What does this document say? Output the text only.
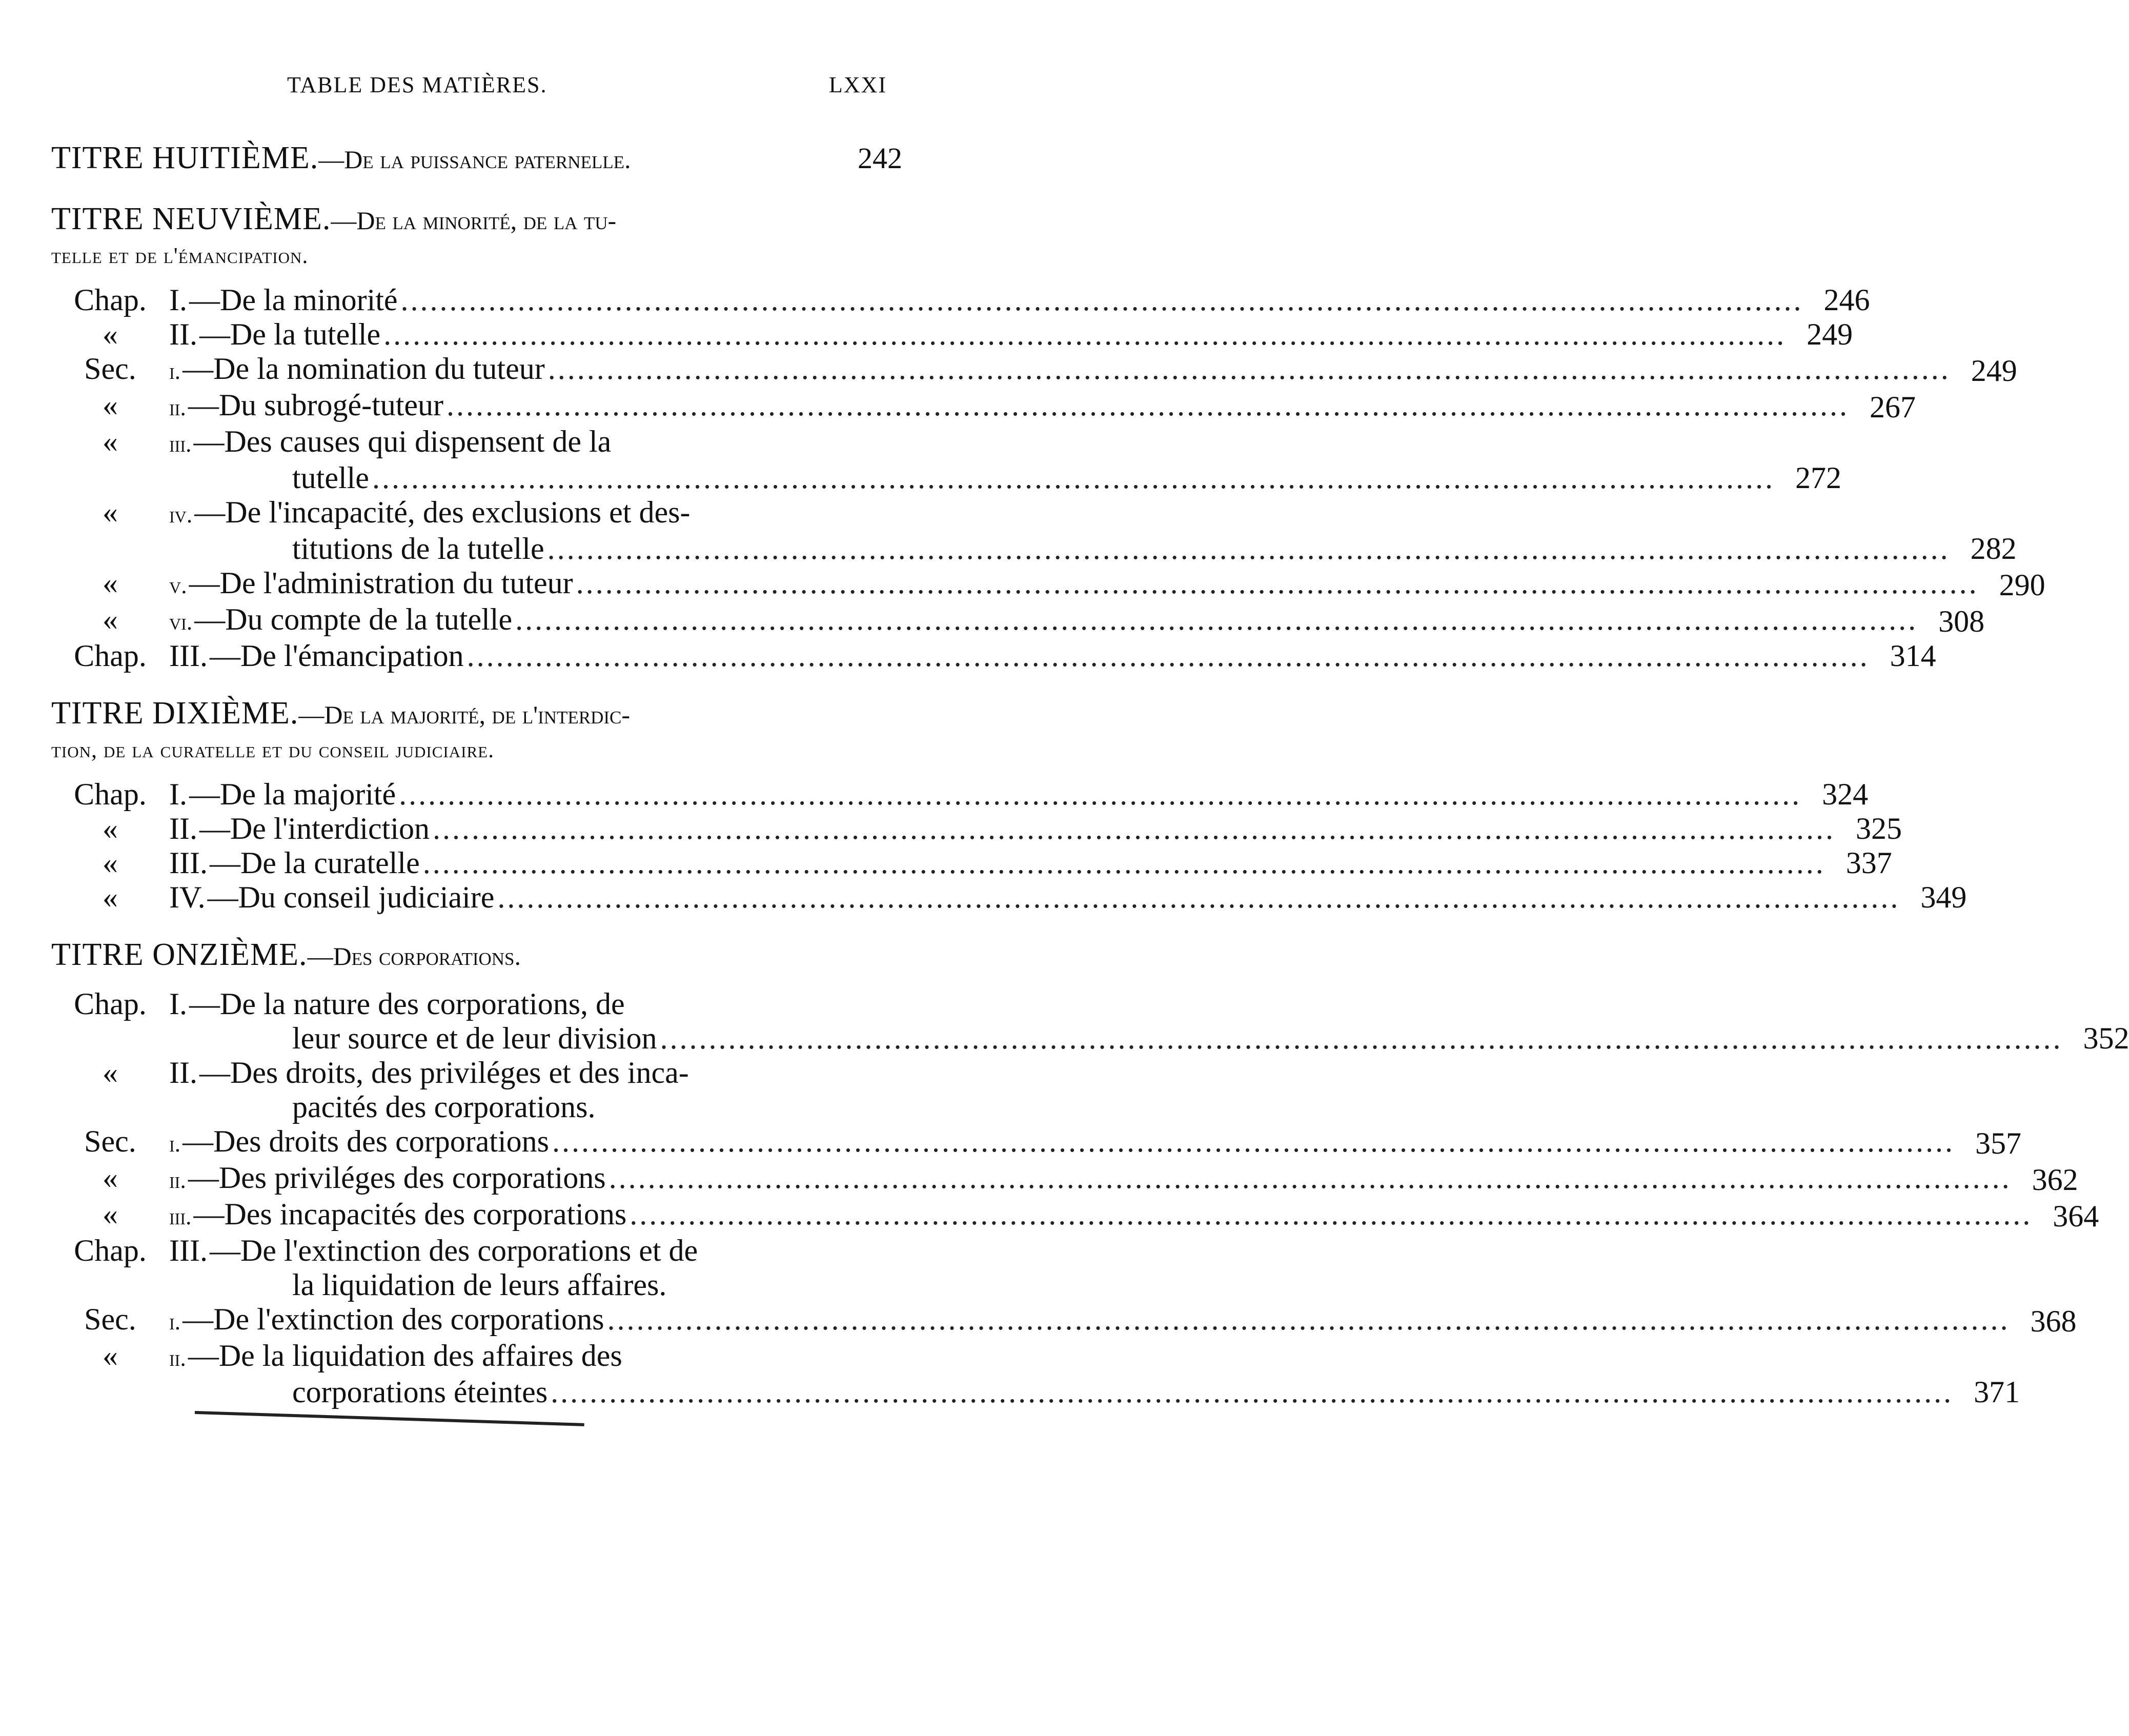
TABLE DES MATIÈRES.	LXXI
TITRE HUITIÈME.—De la puissance paternelle.	242
TITRE NEUVIÈME.—De la minorité, de la tu-
telle et de l'émancipation.
Chap. I. —De la minorité .....	246
«	II. —De la tutelle .....	249
Sec.	i. —De la nomination du tuteur .....	249
«	ii. —Du subrogé-tuteur .....	267
«	iii. —Des causes qui dispensent de la
tutelle .....	272
«	iv. —De l'incapacité, des exclusions et des-
titutions de la tutelle .....	282
«	v. —De l'administration du tuteur .....	290
«	vi. —Du compte de la tutelle .....	308
Chap. III. —De l'émancipation .....	314
TITRE DIXIÈME.—De la majorité, de l'interdic-
tion, de la curatelle et du conseil judiciaire.
Chap. I. —De la majorité .....	324
«	II. —De l'interdiction .....	325
«	III. —De la curatelle .....	337
«	IV. —Du conseil judiciaire .....	349
TITRE ONZIÈME.—Des corporations.
Chap. I. —De la nature des corporations, de
leur source et de leur division .....	352
«	II. —Des droits, des priviléges et des inca-
pacités des corporations.
Sec.	i. —Des droits des corporations .....	357
«	ii. —Des priviléges des corporations .....	362
«	iii. —Des incapacités des corporations .....	364
Chap. III. —De l'extinction des corporations et de
la liquidation de leurs affaires.
Sec.	i. —De l'extinction des corporations .....	368
«	ii. —De la liquidation des affaires des
corporations éteintes .....	371
